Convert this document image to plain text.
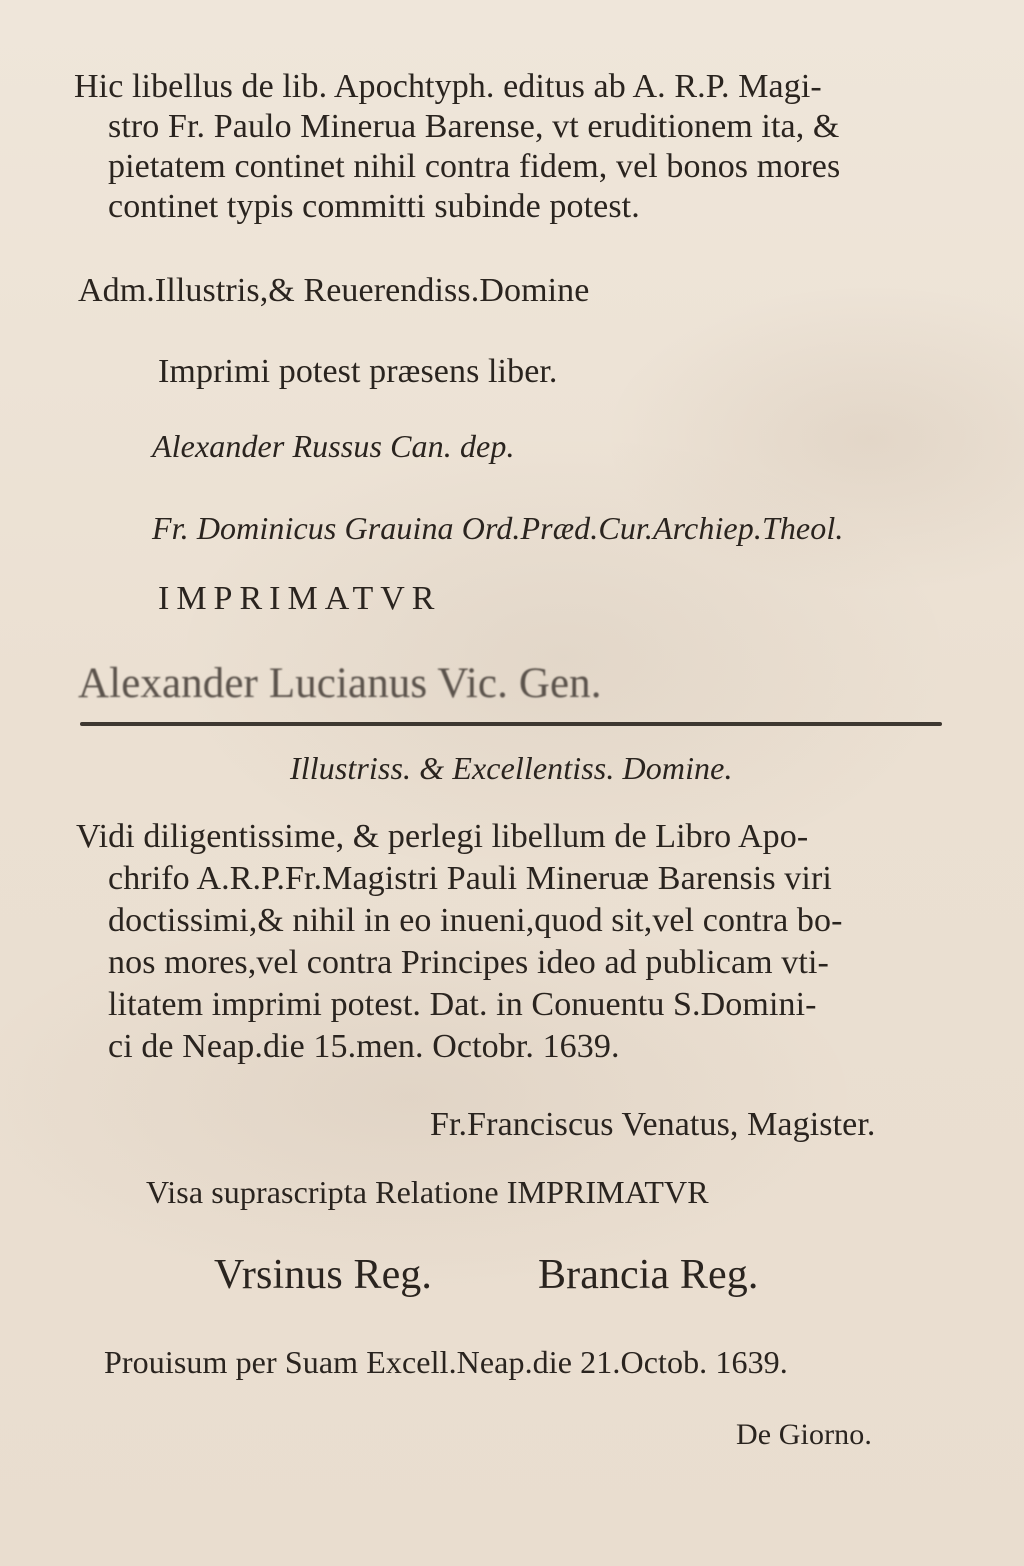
Hic libellus de lib. Apochtyph. editus ab A. R.P. Magi-
stro Fr. Paulo Minerua Barense, vt eruditionem ita, &
pietatem continet nihil contra fidem, vel bonos mores
continet typis committi subinde potest.
Adm.Illustris,& Reuerendiss.Domine
Imprimi potest præsens liber.
Alexander Russus Can. dep.
Fr. Dominicus Grauina Ord.Præd.Cur.Archiep.Theol.
IMPRIMATVR
Alexander Lucianus Vic. Gen.
Illustriss. & Excellentiss. Domine.
Vidi diligentissime, & perlegi libellum de Libro Apo-
chrifo A.R.P.Fr.Magistri Pauli Mineruæ Barensis viri
doctissimi,& nihil in eo inueni,quod sit,vel contra bo-
nos mores,vel contra Principes ideo ad publicam vti-
litatem imprimi potest. Dat. in Conuentu S.Domini-
ci de Neap.die 15.men. Octobr. 1639.
Fr.Franciscus Venatus, Magister.
Visa suprascripta Relatione IMPRIMATVR
Vrsinus Reg.	Brancia Reg.
Prouisum per Suam Excell.Neap.die 21.Octob. 1639.
De Giorno.
